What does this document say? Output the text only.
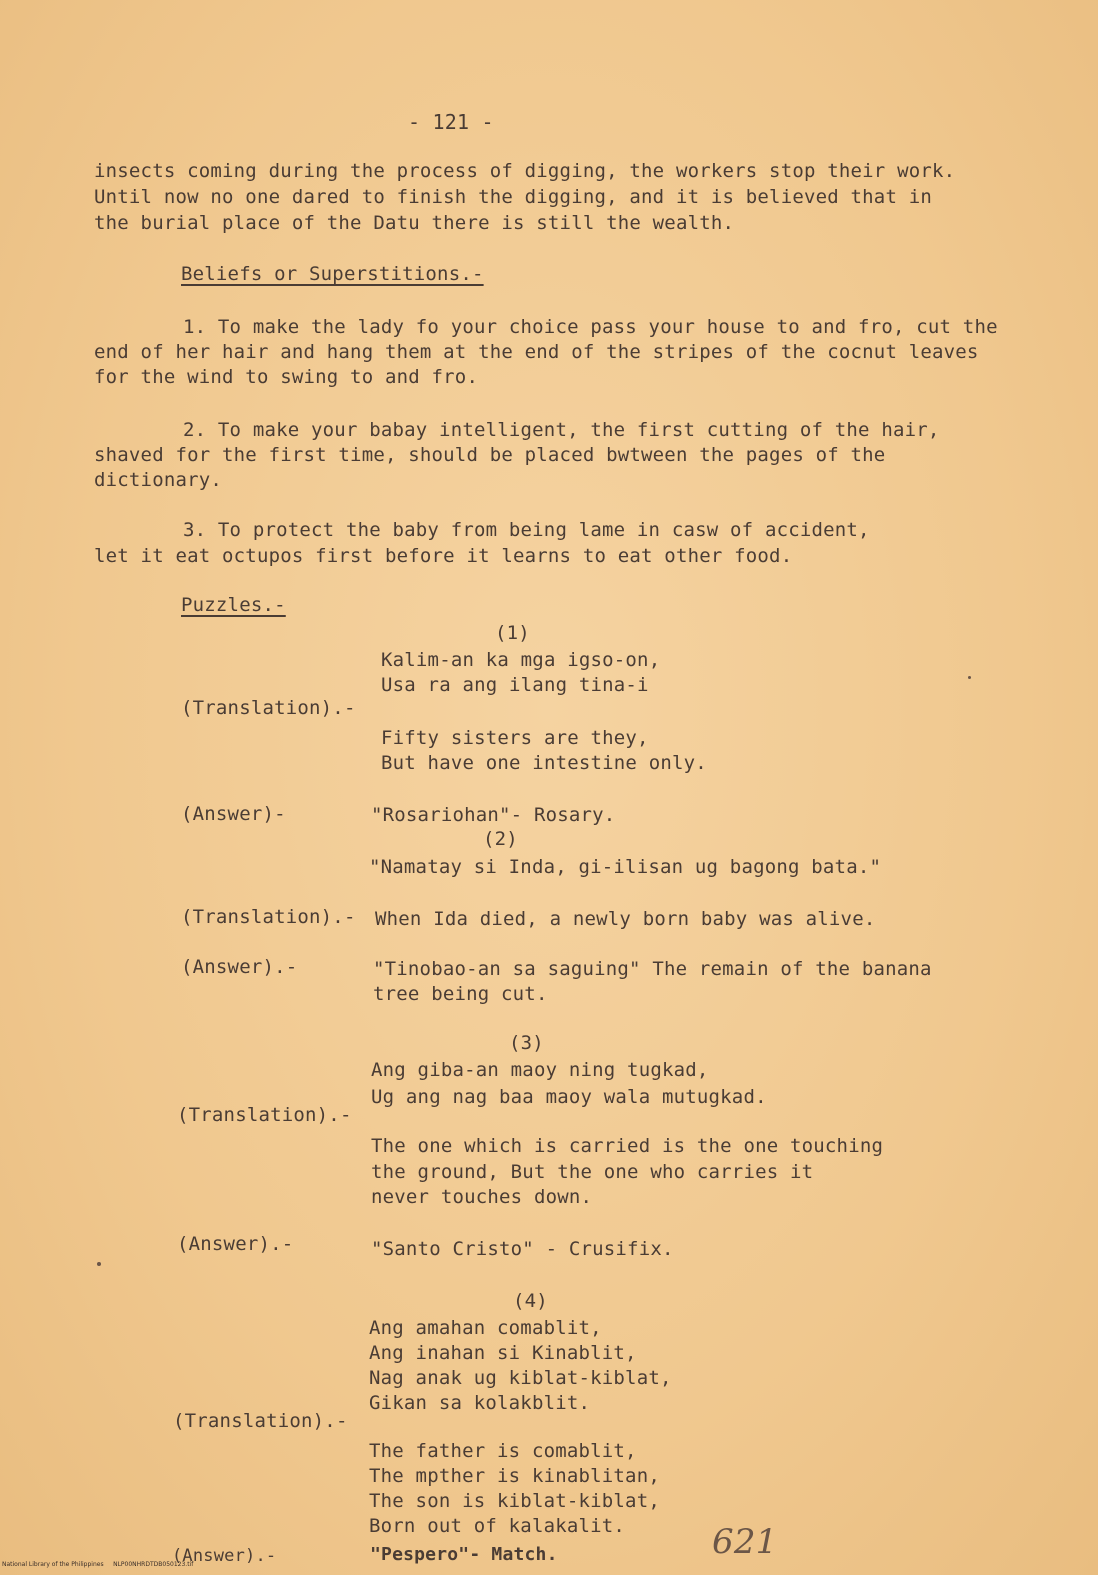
- 121 -
insects coming during the process of digging, the workers stop their work.
Until now no one dared to finish the digging, and it is believed that in
the burial place of the Datu there is still the wealth.
Beliefs or Superstitions.-
1. To make the lady fo your choice pass your house to and fro, cut the
end of her hair and hang them at the end of the stripes of the cocnut leaves
for the wind to swing to and fro.
2. To make your babay intelligent, the first cutting of the hair,
shaved for the first time, should be placed bwtween the pages of the
dictionary.
3. To protect the baby from being lame in casw of accident,
let it eat octupos first before it learns to eat other food.
Puzzles.-
(1)
Kalim-an ka mga igso-on,
Usa ra ang ilang tina-i
(Translation).-
Fifty sisters are they,
But have one intestine only.
(Answer)-	"Rosariohan"- Rosary.
(2)
"Namatay si Inda, gi-ilisan ug bagong bata."
(Translation).- When Ida died, a newly born baby was alive.
(Answer).-	"Tinobao-an sa saguing" The remain of the banana
tree being cut.
(3)
Ang giba-an maoy ning tugkad,
Ug ang nag baa maoy wala mutugkad.
(Translation).-
The one which is carried is the one touching
the ground, But the one who carries it
never touches down.
(Answer).-	"Santo Cristo" - Crusifix.
(4)
Ang amahan comablit,
Ang inahan si Kinablit,
Nag anak ug kiblat-kiblat,
Gikan sa kolakblit.
(Translation).-
The father is comablit,
The mpther is kinablitan,
The son is kiblat-kiblat,
Born out of kalakalit.
(Answer).-	"Pespero"- Match.	621
National Library of the Philippines     NLP00NHRDTDB050123.tif
